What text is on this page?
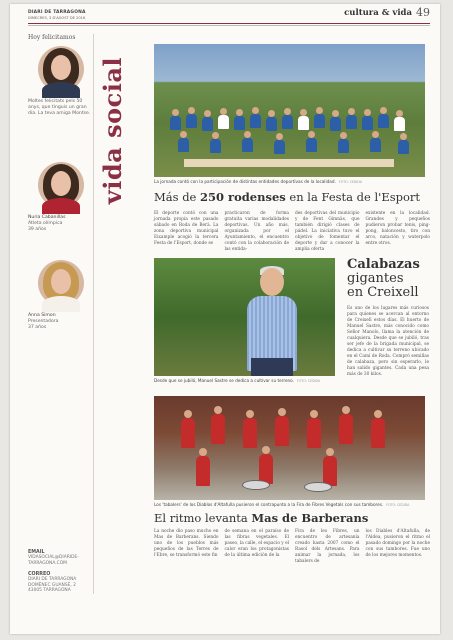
DIARI DE TARRAGONA
DIMECRES, 3 D'AGOST DE 2016	cultura & vida 49
Hoy felicitamos
Moltes felicitats pels 50 anys, que tinguis un gran dia. La teva amiga Montse.
Nuria Cabanillas
Atleta olímpica
39 años
Anna Simon
Presentadora
37 años
EMAIL

VIDASOCIAL@DIARIDE-TARRAGONA.COM

CORREO

DIARI DE TARRAGONA

DOMÈNEC GUANSÉ, 2

43005 TARRAGONA

vida social	La jornada contó con la participación de distintas entidades deportivas de la localidad. FOTO: CEDIDA
Más de 250 rodenses en la Festa de l'Esport
El deporte contó con una jornada propia este pasado sábado en Roda de Berà. La zona deportiva municipal Eixample acogió la tercera Festa de l'Esport, donde se
practicaron de forma gratuita varias modalidades deportivas. Un año más, organizada por el Ayuntamiento, el encuentro contó con la colaboración de las entida-
des deportivas del municipio y de Fent Gimnàs, que también dirigió clases de pádel. La iniciativa tuvo el objetivo de fomentar el deporte y dar a conocer la amplia oferta
existente en la localidad. Grandes y pequeños pudieron probar tenis, ping-pong, baloncesto, tiro con arco, natación y waterpolo entre otros.
Desde que se jubiló, Manuel Sastre se dedica a cultivar su terreno. FOTO: CEDIDA
Calabazas
gigantes
en Creixell
Es uno de los lugares más curiosos para quienes se acercan al entorno de Creixell estos días. El huerto de Manuel Sastre, más conocido como Señor Manolo, llama la atención de cualquiera. Desde que se jubiló, tras ser jefe de la brigada municipal, se dedica a cultivar su terreno ubicado en el Camí de Roda. Compró semillas de calabaza, pero sin esperarlo, le han salido gigantes. Cada una pesa más de 30 kilos.
Los 'tabalers' de los Diablos d'Altafulla pusieron el contrapunto a la Fira de Fibres Vegetals con sus tambores. FOTO: CEDIDA
El ritmo levanta Mas de Barberans
La noche dio paso mucho en Mas de Barberans. Siendo uno de los pueblos más pequeños de las Terres de l'Ebre, se transformó este fin
de semana en el paraíso de las fibras vegetales. El paseo, la calle, el espacio y el calor eran los protagonistas de la última edición de la
Fira de les Fibres, un encuentro de artesanía creado hasta 2007 como el Rasol dels Artesans. Para animar la jornada, los tabalers de
los Diables d'Altafulla, de l'Aldea, pusieron el ritmo el pasado domingo por la noche con sus tambores. Fue uno de los mejores momentos.
